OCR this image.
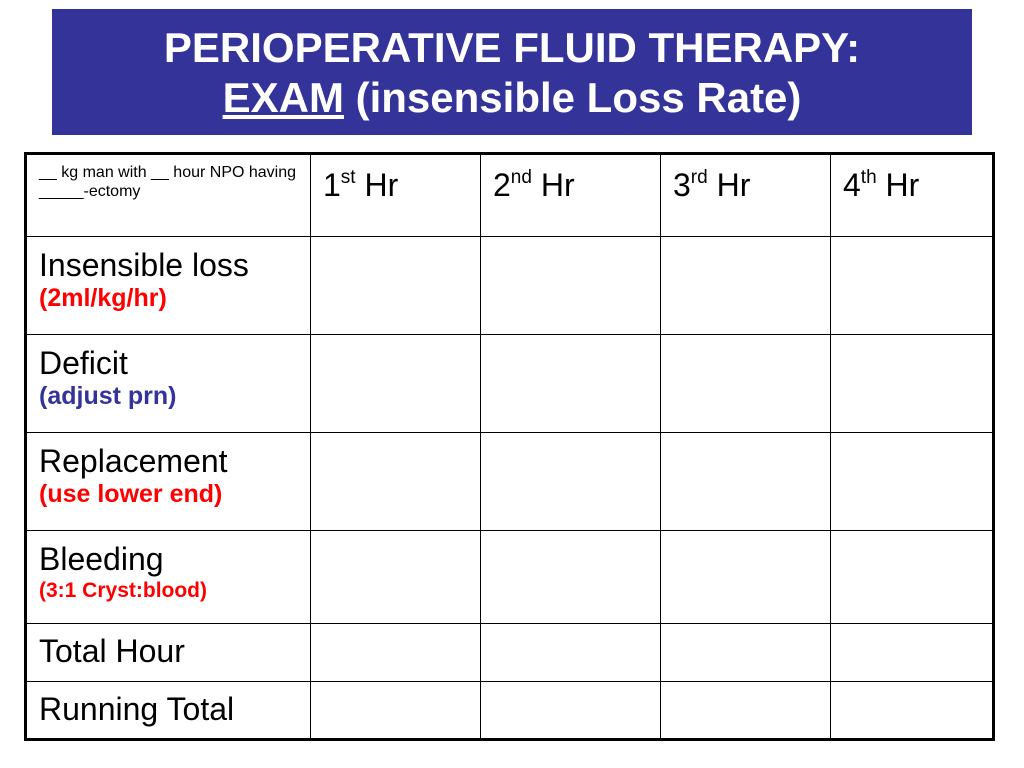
PERIOPERATIVE FLUID THERAPY:
EXAM (insensible Loss Rate)
__ kg man with __ hour NPO having _____-ectomy	1st Hr	2nd Hr	3rd Hr	4th Hr

Insensible loss
(2ml/kg/hr)				

Deficit
(adjust prn)				

Replacement
(use lower end)				

Bleeding
(3:1 Cryst:blood)				

Total Hour				

Running Total				
